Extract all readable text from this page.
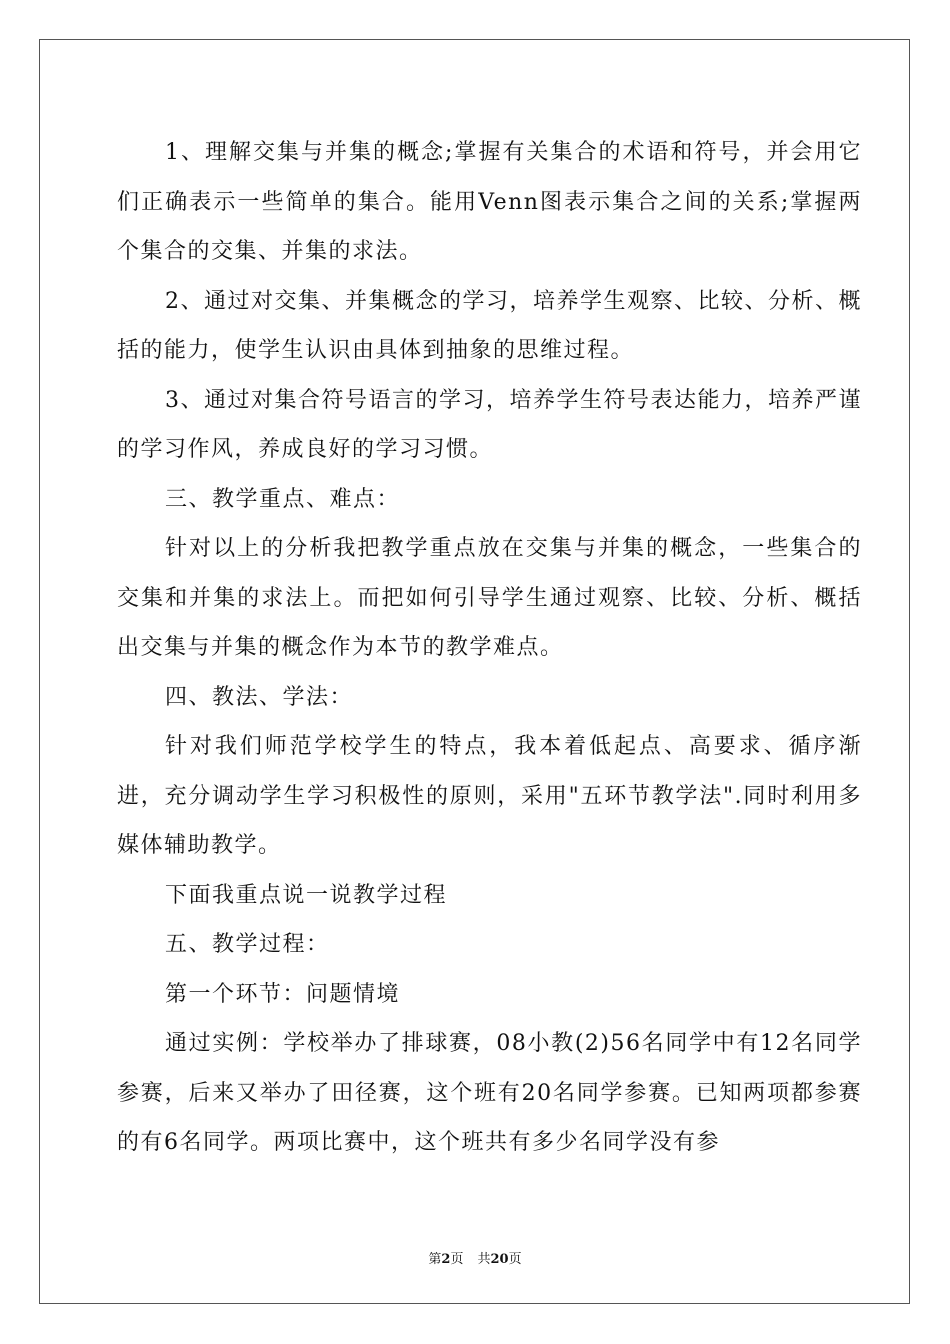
1、理解交集与并集的概念;掌握有关集合的术语和符号，并会用它们正确表示一些简单的集合。能用Venn图表示集合之间的关系;掌握两个集合的交集、并集的求法。

2、通过对交集、并集概念的学习，培养学生观察、比较、分析、概括的能力，使学生认识由具体到抽象的思维过程。

3、通过对集合符号语言的学习，培养学生符号表达能力，培养严谨的学习作风，养成良好的学习习惯。

三、教学重点、难点：

针对以上的分析我把教学重点放在交集与并集的概念，一些集合的交集和并集的求法上。而把如何引导学生通过观察、比较、分析、概括出交集与并集的概念作为本节的教学难点。

四、教法、学法：

针对我们师范学校学生的特点，我本着低起点、高要求、循序渐进，充分调动学生学习积极性的原则，采用"五环节教学法".同时利用多媒体辅助教学。

下面我重点说一说教学过程

五、教学过程：

第一个环节：问题情境

通过实例：学校举办了排球赛，08小教(2)56名同学中有12名同学参赛，后来又举办了田径赛，这个班有20名同学参赛。已知两项都参赛的有6名同学。两项比赛中，这个班共有多少名同学没有参

第2页 共20页
